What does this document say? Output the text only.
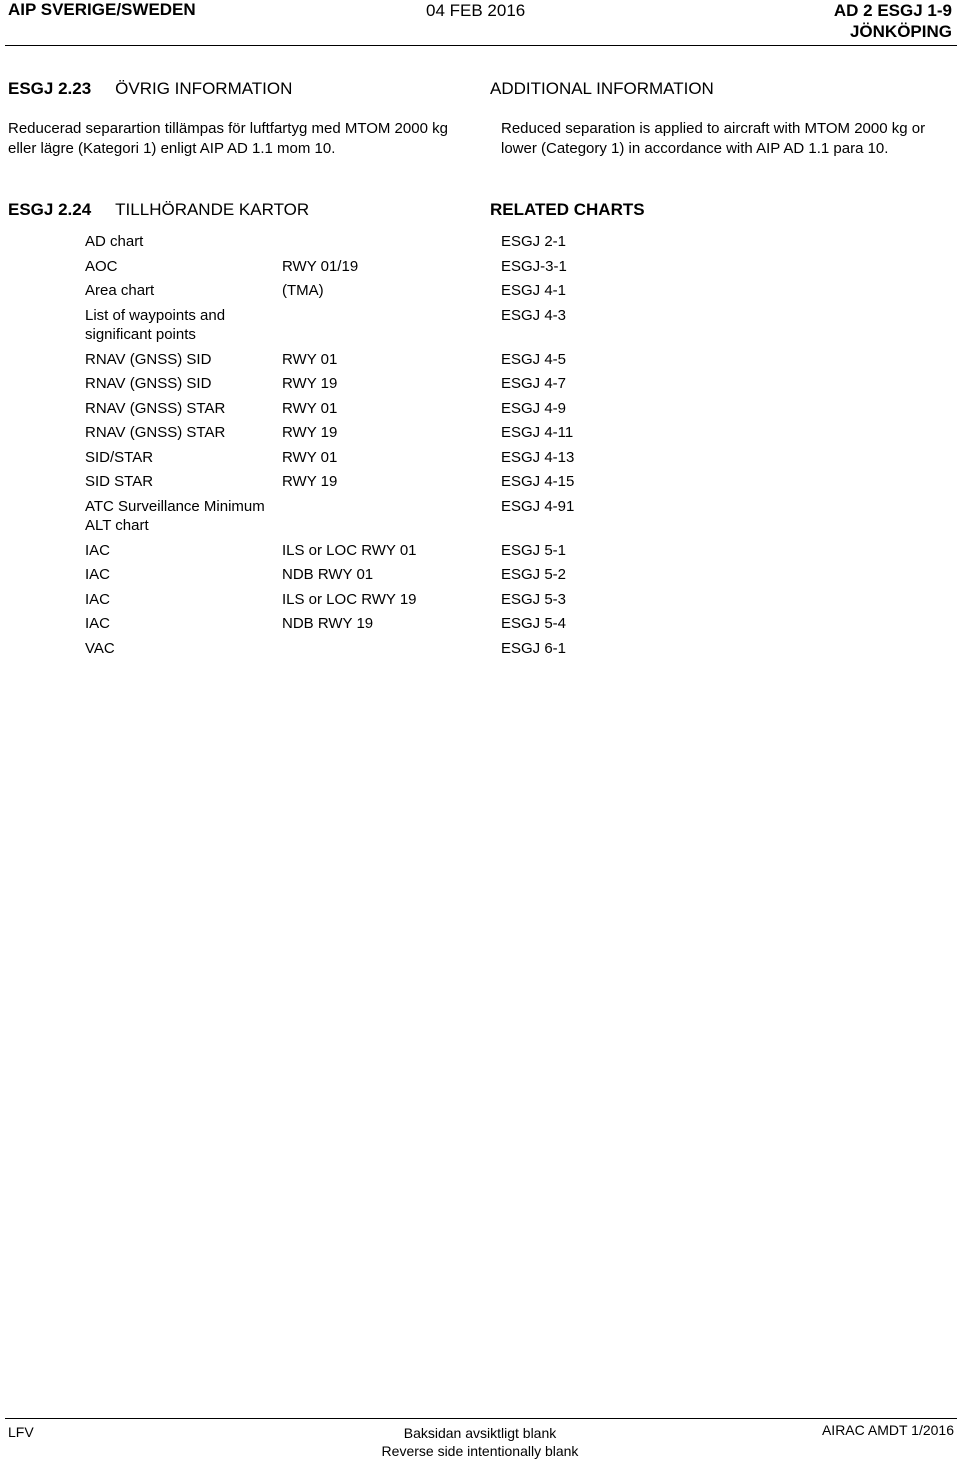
AIP SVERIGE/SWEDEN	04 FEB 2016	AD 2 ESGJ 1-9
JÖNKÖPING
ESGJ 2.23 ÖVRIG INFORMATION	ADDITIONAL INFORMATION
Reducerad separartion tillämpas för luftfartyg med MTOM 2000 kg eller lägre (Kategori 1) enligt AIP AD 1.1 mom 10.
Reduced separation is applied to aircraft with MTOM 2000 kg or lower (Category 1) in accordance with AIP AD 1.1 para 10.
ESGJ 2.24 TILLHÖRANDE KARTOR	RELATED CHARTS
AD chart		ESGJ 2-1
AOC	RWY 01/19	ESGJ-3-1
Area chart	(TMA)	ESGJ 4-1
List of waypoints and significant points		ESGJ 4-3
RNAV (GNSS) SID	RWY 01	ESGJ 4-5
RNAV (GNSS) SID	RWY 19	ESGJ 4-7
RNAV (GNSS) STAR	RWY 01	ESGJ 4-9
RNAV (GNSS) STAR	RWY 19	ESGJ 4-11
SID/STAR	RWY 01	ESGJ 4-13
SID STAR	RWY 19	ESGJ 4-15
ATC Surveillance Minimum ALT chart		ESGJ 4-91
IAC	ILS or LOC RWY 01	ESGJ 5-1
IAC	NDB RWY 01	ESGJ 5-2
IAC	ILS or LOC RWY 19	ESGJ 5-3
IAC	NDB RWY 19	ESGJ 5-4
VAC		ESGJ 6-1
LFV	Baksidan avsiktligt blank
Reverse side intentionally blank
AIRAC AMDT 1/2016
